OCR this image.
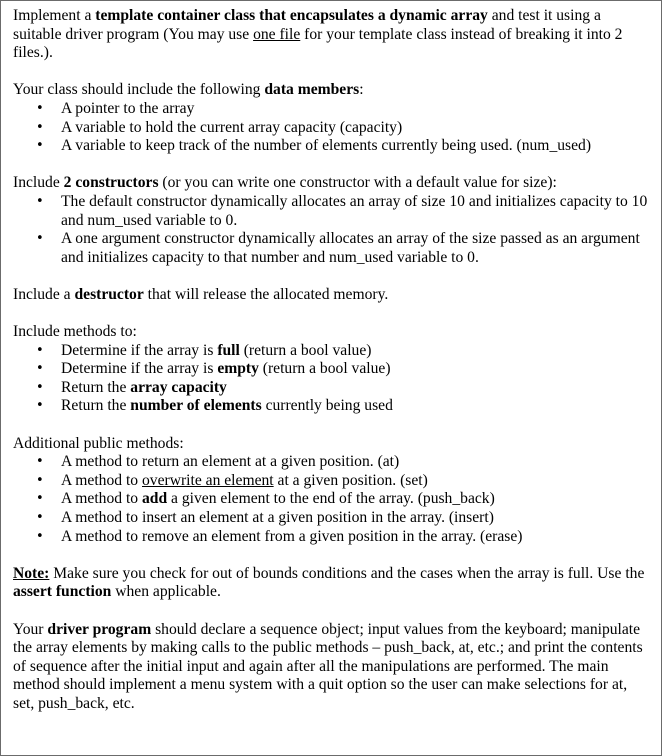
Implement a template container class that encapsulates a dynamic array and test it using a suitable driver program (You may use one file for your template class instead of breaking it into 2 files.).

Your class should include the following data members:

• A pointer to the array
• A variable to hold the current array capacity (capacity)
• A variable to keep track of the number of elements currently being used. (num_used)

Include 2 constructors (or you can write one constructor with a default value for size):

• The default constructor dynamically allocates an array of size 10 and initializes capacity to 10 and num_used variable to 0.
• A one argument constructor dynamically allocates an array of the size passed as an argument and initializes capacity to that number and num_used variable to 0.

Include a destructor that will release the allocated memory.

Include methods to:

• Determine if the array is full (return a bool value)
• Determine if the array is empty (return a bool value)
• Return the array capacity
• Return the number of elements currently being used

Additional public methods:

• A method to return an element at a given position. (at)
• A method to overwrite an element at a given position. (set)
• A method to add a given element to the end of the array. (push_back)
• A method to insert an element at a given position in the array. (insert)
• A method to remove an element from a given position in the array. (erase)

Note: Make sure you check for out of bounds conditions and the cases when the array is full. Use the assert function when applicable.

Your driver program should declare a sequence object; input values from the keyboard; manipulate the array elements by making calls to the public methods – push_back, at, etc.; and print the contents of sequence after the initial input and again after all the manipulations are performed. The main method should implement a menu system with a quit option so the user can make selections for at, set, push_back, etc.
